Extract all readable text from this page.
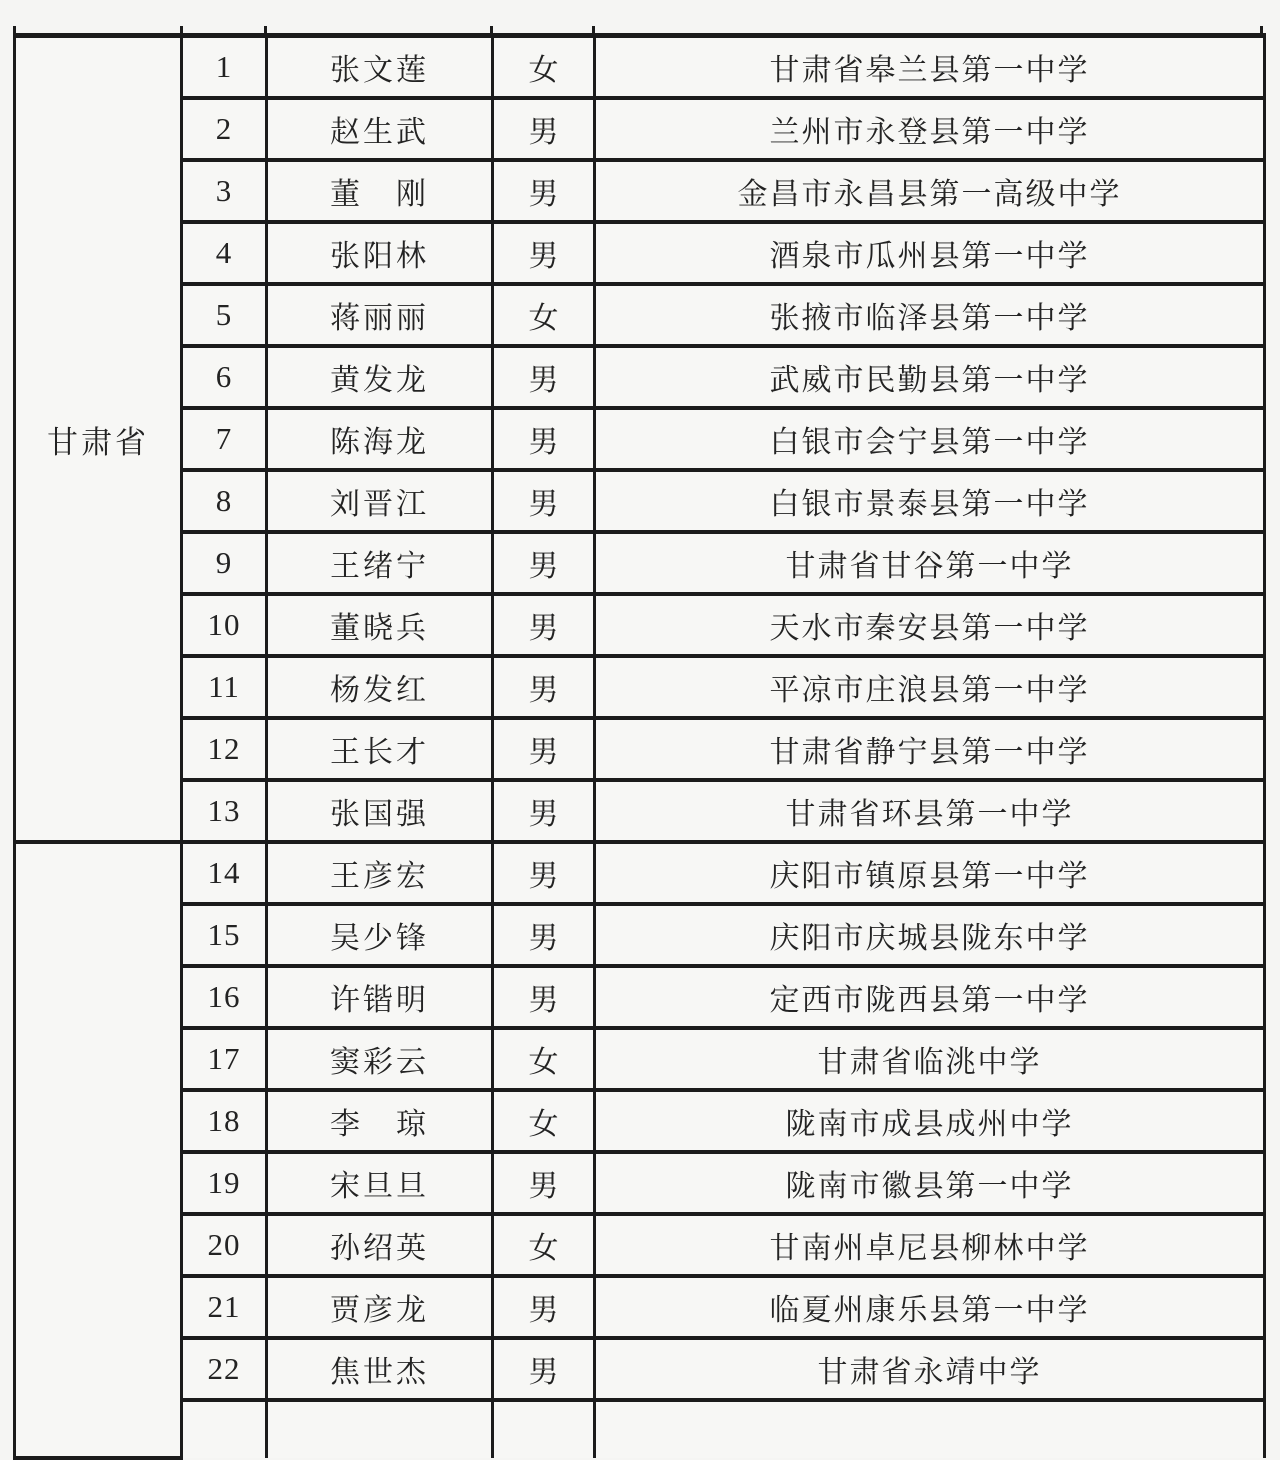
甘肃省	1	张文莲	女	甘肃省皋兰县第一中学
	2	赵生武	男	兰州市永登县第一中学
	3	董　刚	男	金昌市永昌县第一高级中学
	4	张阳林	男	酒泉市瓜州县第一中学
	5	蒋丽丽	女	张掖市临泽县第一中学
	6	黄发龙	男	武威市民勤县第一中学
	7	陈海龙	男	白银市会宁县第一中学
	8	刘晋江	男	白银市景泰县第一中学
	9	王绪宁	男	甘肃省甘谷第一中学
	10	董晓兵	男	天水市秦安县第一中学
	11	杨发红	男	平凉市庄浪县第一中学
	12	王长才	男	甘肃省静宁县第一中学
	13	张国强	男	甘肃省环县第一中学
	14	王彦宏	男	庆阳市镇原县第一中学
	15	吴少锋	男	庆阳市庆城县陇东中学
	16	许锴明	男	定西市陇西县第一中学
	17	窦彩云	女	甘肃省临洮中学
	18	李　琼	女	陇南市成县成州中学
	19	宋旦旦	男	陇南市徽县第一中学
	20	孙绍英	女	甘南州卓尼县柳林中学
	21	贾彦龙	男	临夏州康乐县第一中学
	22	焦世杰	男	甘肃省永靖中学
